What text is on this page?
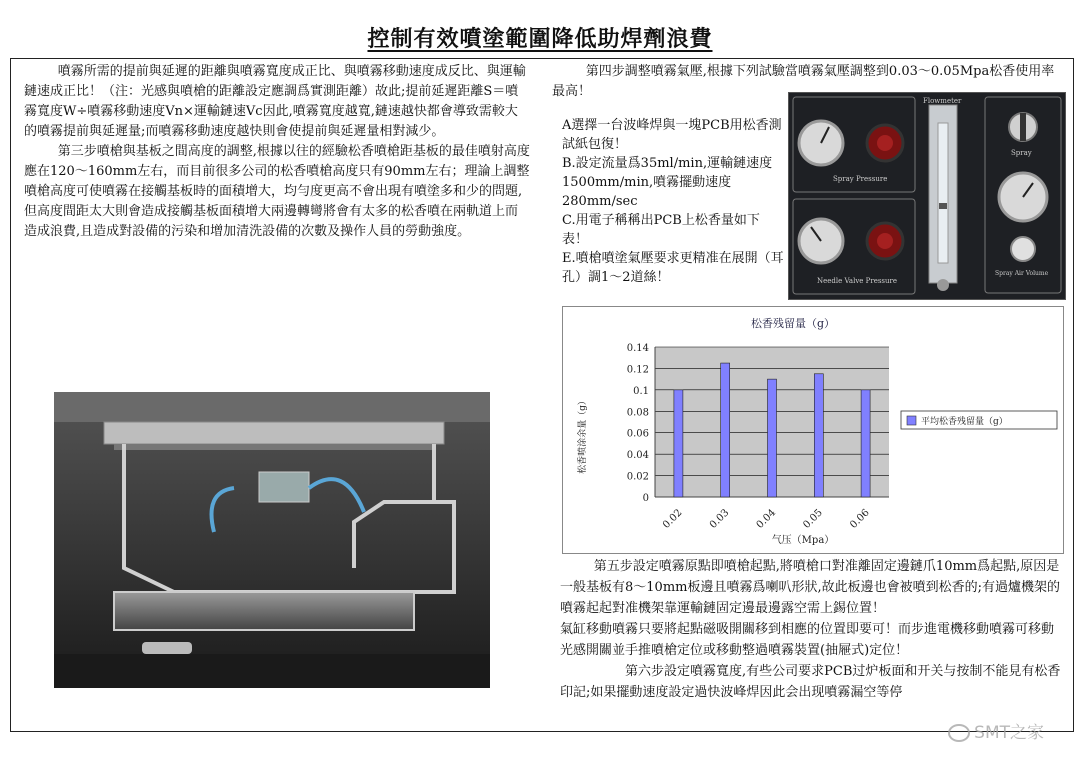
控制有效噴塗範圍降低助焊劑浪費

噴霧所需的提前與延遲的距離與噴霧寬度成正比、與噴霧移動速度成反比、與運輸鏈速成正比！（注：光感與噴槍的距離設定應調爲實測距離）故此;提前延遲距離S＝噴霧寬度W÷噴霧移動速度Vn×運輸鏈速Vc因此,噴霧寬度越寬,鏈速越快都會導致需較大的噴霧提前與延遲量;而噴霧移動速度越快則會使提前與延遲量相對減少。

第三步噴槍與基板之間高度的調整,根據以往的經驗松香噴槍距基板的最佳噴射高度應在120～160mm左右，而目前很多公司的松香噴槍高度只有90mm左右；理論上調整噴槍高度可使噴霧在接觸基板時的面積增大，均勻度更高不會出現有噴塗多和少的問題,但高度間距太大則會造成接觸基板面積增大兩邊轉彎將會有太多的松香噴在兩軌道上而造成浪費,且造成對設備的污染和增加清洗設備的次數及操作人員的勞動強度。

第四步調整噴霧氣壓,根據下列試驗當噴霧氣壓調整到0.03～0.05Mpa松香使用率最高！

A選擇一台波峰焊與一塊PCB用松香測試紙包復！

B.設定流量爲35ml/min,運輸鏈速度1500mm/min,噴霧擺動速度280mm/sec

C.用電子稱稱出PCB上松香量如下表！

E.噴槍噴塗氣壓要求更精准在展開（耳孔）調1～2道絲！

Spray Pressure
Needle Valve Pressure
Flowmeter
Spray
Spray Air Volume
松香残留量（g）
松香喷涂余量（g）
气压（Mpa）
0
0.02
0.04
0.06
0.08
0.1
0.12
0.14
0.02 0.03 0.04 0.05 0.06
平均松香残留量（g）

第五步設定噴霧原點即噴槍起點,將噴槍口對准離固定邊鏈爪10mm爲起點,原因是一般基板有8～10mm板邊且噴霧爲喇叭形狀,故此板邊也會被噴到松香的;有過爐機架的噴霧起起對准機架靠運輸鏈固定邊最邊露空需上錫位置！

氣缸移動噴霧只要將起點磁吸開關移到相應的位置即要可！而步進電機移動噴霧可移動光感開關並手推噴槍定位或移動整過噴霧裝置(抽屜式)定位！

第六步設定噴霧寬度,有些公司要求PCB过炉板面和开关与按制不能見有松香印記;如果擺動速度設定過快波峰焊因此会出现噴霧漏空等停

SMT之家
